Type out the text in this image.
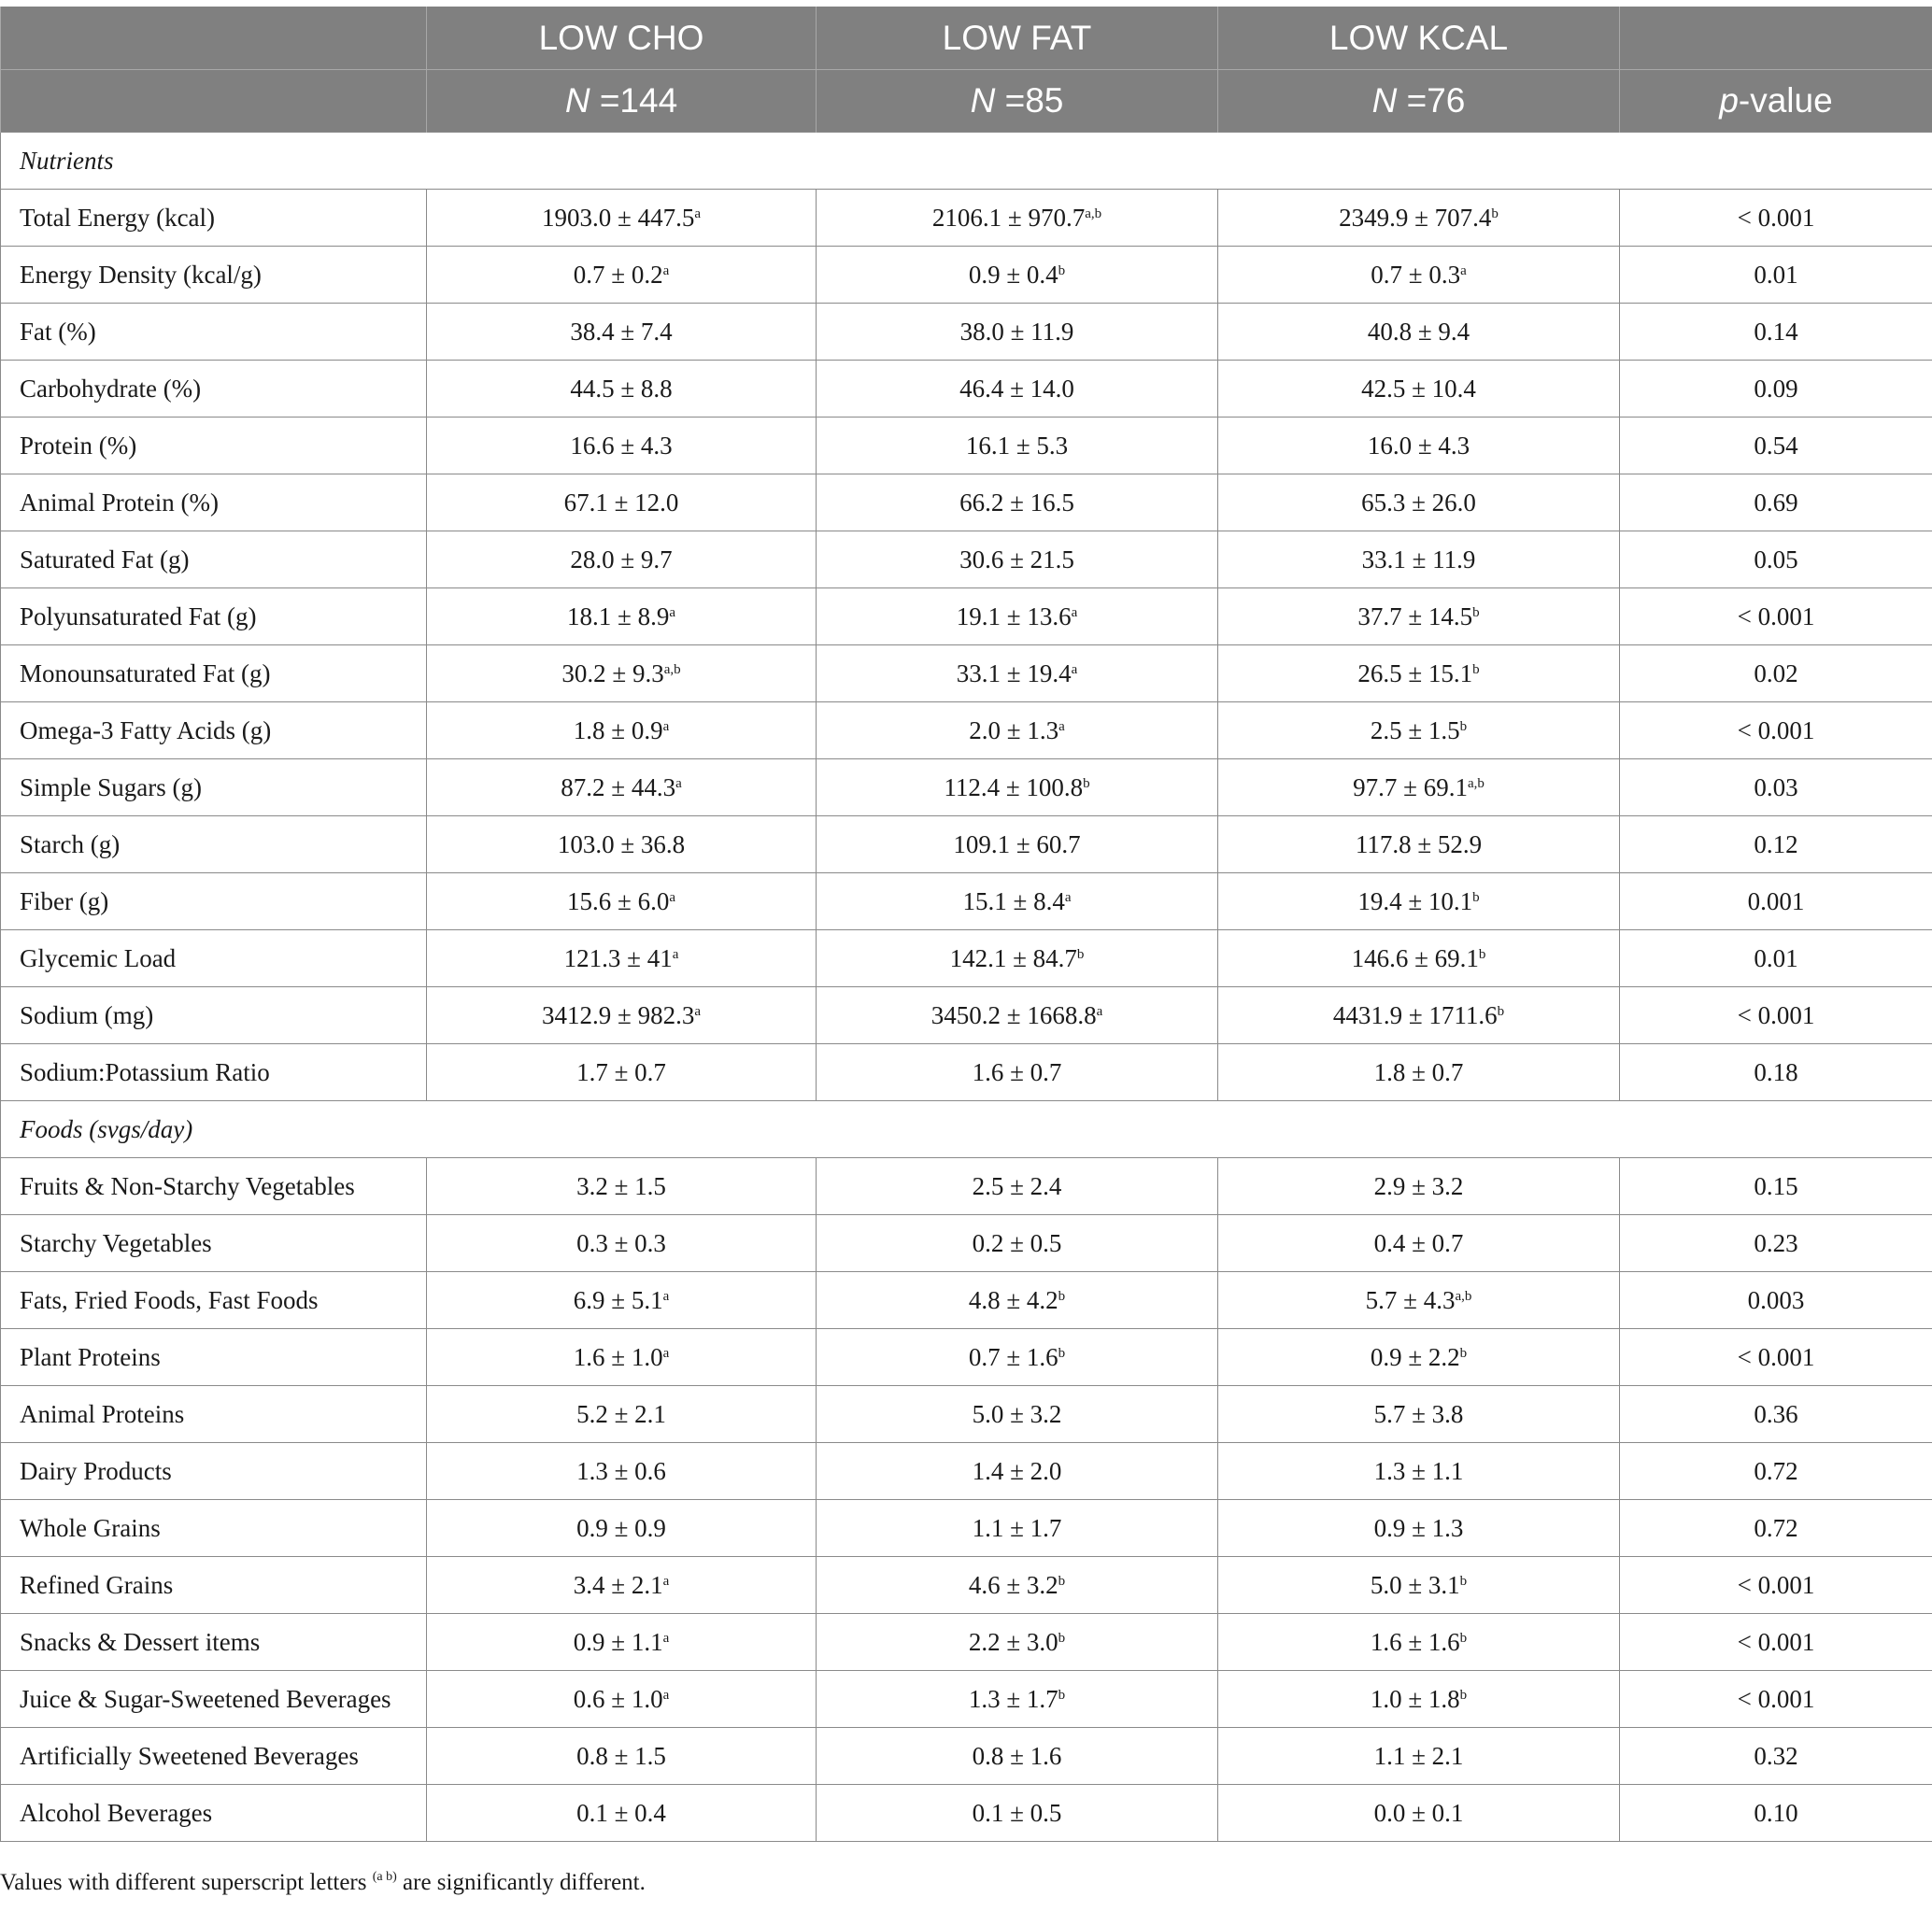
	LOW CHO	LOW FAT	LOW KCAL	
	N =144	N =85	N =76	p-value
Nutrients				
Total Energy (kcal)	1903.0 ± 447.5$^a$	$2106.1 \pm 970.7^{a,b}$	2349.9 ± 707.4$^b$	< 0.001
Energy Density (kcal/g)	0.7 ± 0.2$^a$	0.9 ± 0.4$^b$	0.7 ± 0.3$^a$	0.01
Fat (%)	38.4 ± 7.4	38.0 ± 11.9	40.8 ± 9.4	0.14
Carbohydrate (%)	44.5 ± 8.8	46.4 ± 14.0	42.5 ± 10.4	0.09
Protein (%)	16.6 ± 4.3	16.1 ± 5.3	16.0 ± 4.3	0.54
Animal Protein (%)	67.1 ± 12.0	66.2 ± 16.5	65.3 ± 26.0	0.69
Saturated Fat (g)	28.0 ± 9.7	30.6 ± 21.5	33.1 ± 11.9	0.05
Polyunsaturated Fat (g)	18.1 ± 8.9$^a$	19.1 ± 13.6$^a$	37.7 ± 14.5$^b$	< 0.001
Monounsaturated Fat (g)	$30.2 \pm 9.3^{a,b}$	33.1 ± 19.4$^a$	26.5 ± 15.1$^b$	0.02
Omega-3 Fatty Acids (g)	1.8 ± 0.9$^a$	2.0 ± 1.3$^a$	2.5 ± 1.5$^b$	< 0.001
Simple Sugars (g)	87.2 ± 44.3$^a$	112.4 ± 100.8$^b$	$97.7 \pm 69.1^{a,b}$	0.03
Starch (g)	103.0 ± 36.8	109.1 ± 60.7	117.8 ± 52.9	0.12
Fiber (g)	15.6 ± 6.0$^a$	15.1 ± 8.4$^a$	19.4 ± 10.1$^b$	0.001
Glycemic Load	$121.3 \pm 41^a$	142.1 ± 84.7$^b$	146.6 ± 69.1$^b$	0.01
Sodium (mg)	3412.9 ± 982.3$^a$	3450.2 ± 1668.8$^a$	4431.9 ± 1711.6$^b$	< 0.001
Sodium:Potassium Ratio	1.7 ± 0.7	1.6 ± 0.7	1.8 ± 0.7	0.18
Foods (svgs/day)				
Fruits & Non-Starchy Vegetables	3.2 ± 1.5	2.5 ± 2.4	2.9 ± 3.2	0.15
Starchy Vegetables	0.3 ± 0.3	0.2 ± 0.5	0.4 ± 0.7	0.23
Fats, Fried Foods, Fast Foods	6.9 ± 5.1$^a$	4.8 ± 4.2$^b$	$5.7 \pm 4.3^{a,b}$	0.003
Plant Proteins	1.6 ± 1.0$^a$	0.7 ± 1.6$^b$	0.9 ± 2.2$^b$	< 0.001
Animal Proteins	5.2 ± 2.1	5.0 ± 3.2	5.7 ± 3.8	0.36
Dairy Products	1.3 ± 0.6	1.4 ± 2.0	1.3 ± 1.1	0.72
Whole Grains	0.9 ± 0.9	1.1 ± 1.7	0.9 ± 1.3	0.72
Refined Grains	3.4 ± 2.1$^a$	4.6 ± 3.2$^b$	5.0 ± 3.1$^b$	< 0.001
Snacks & Dessert items	0.9 ± 1.1$^a$	2.2 ± 3.0$^b$	1.6 ± 1.6$^b$	< 0.001
Juice & Sugar-Sweetened Beverages	0.6 ± 1.0$^a$	1.3 ± 1.7$^b$	1.0 ± 1.8$^b$	< 0.001
Artificially Sweetened Beverages	0.8 ± 1.5	0.8 ± 1.6	1.1 ± 2.1	0.32
Alcohol Beverages	0.1 ± 0.4	0.1 ± 0.5	0.0 ± 0.1	0.10
Values with different superscript letters $^{(a b)}$ are significantly different.
